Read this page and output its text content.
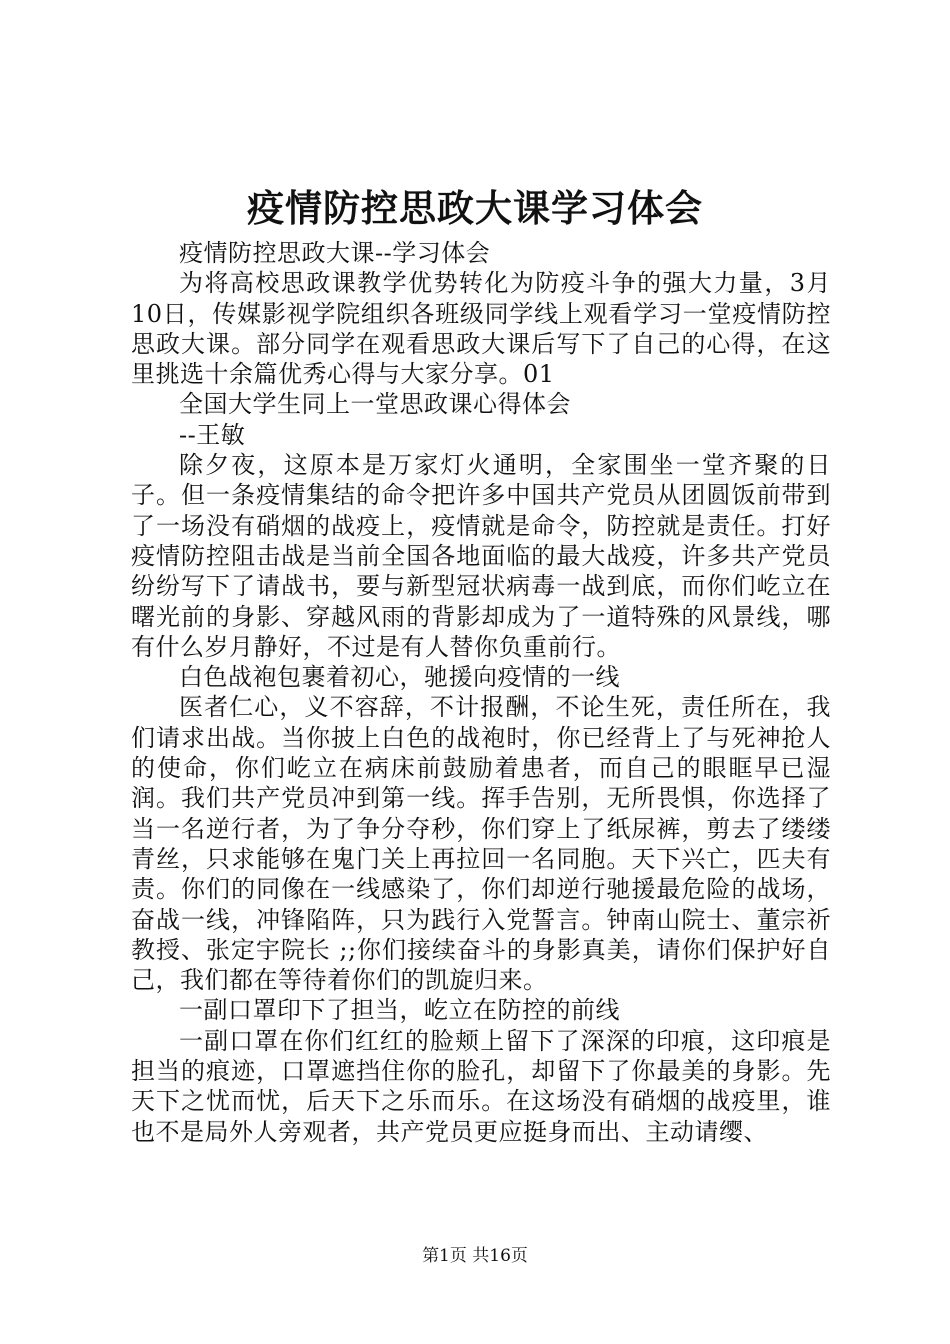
疫情防控思政大课学习体会

疫情防控思政大课--学习体会

为将高校思政课教学优势转化为防疫斗争的强大力量，3月10日，传媒影视学院组织各班级同学线上观看学习一堂疫情防控思政大课。部分同学在观看思政大课后写下了自己的心得，在这里挑选十余篇优秀心得与大家分享。01

全国大学生同上一堂思政课心得体会

--王敏

除夕夜，这原本是万家灯火通明，全家围坐一堂齐聚的日子。但一条疫情集结的命令把许多中国共产党员从团圆饭前带到了一场没有硝烟的战疫上，疫情就是命令，防控就是责任。打好疫情防控阻击战是当前全国各地面临的最大战疫，许多共产党员纷纷写下了请战书，要与新型冠状病毒一战到底，而你们屹立在曙光前的身影、穿越风雨的背影却成为了一道特殊的风景线，哪有什么岁月静好，不过是有人替你负重前行。

白色战袍包裹着初心，驰援向疫情的一线

医者仁心，义不容辞，不计报酬，不论生死，责任所在，我们请求出战。当你披上白色的战袍时，你已经背上了与死神抢人的使命，你们屹立在病床前鼓励着患者，而自己的眼眶早已湿润。我们共产党员冲到第一线。挥手告别，无所畏惧，你选择了当一名逆行者，为了争分夺秒，你们穿上了纸尿裤，剪去了缕缕青丝，只求能够在鬼门关上再拉回一名同胞。天下兴亡，匹夫有责。你们的同像在一线感染了，你们却逆行驰援最危险的战场，奋战一线，冲锋陷阵，只为践行入党誓言。钟南山院士、董宗祈教授、张定宇院长 ;;你们接续奋斗的身影真美，请你们保护好自己，我们都在等待着你们的凯旋归来。

一副口罩印下了担当，屹立在防控的前线

一副口罩在你们红红的脸颊上留下了深深的印痕，这印痕是担当的痕迹，口罩遮挡住你的脸孔，却留下了你最美的身影。先天下之忧而忧，后天下之乐而乐。在这场没有硝烟的战疫里，谁也不是局外人旁观者，共产党员更应挺身而出、主动请缨、

第1页 共16页
